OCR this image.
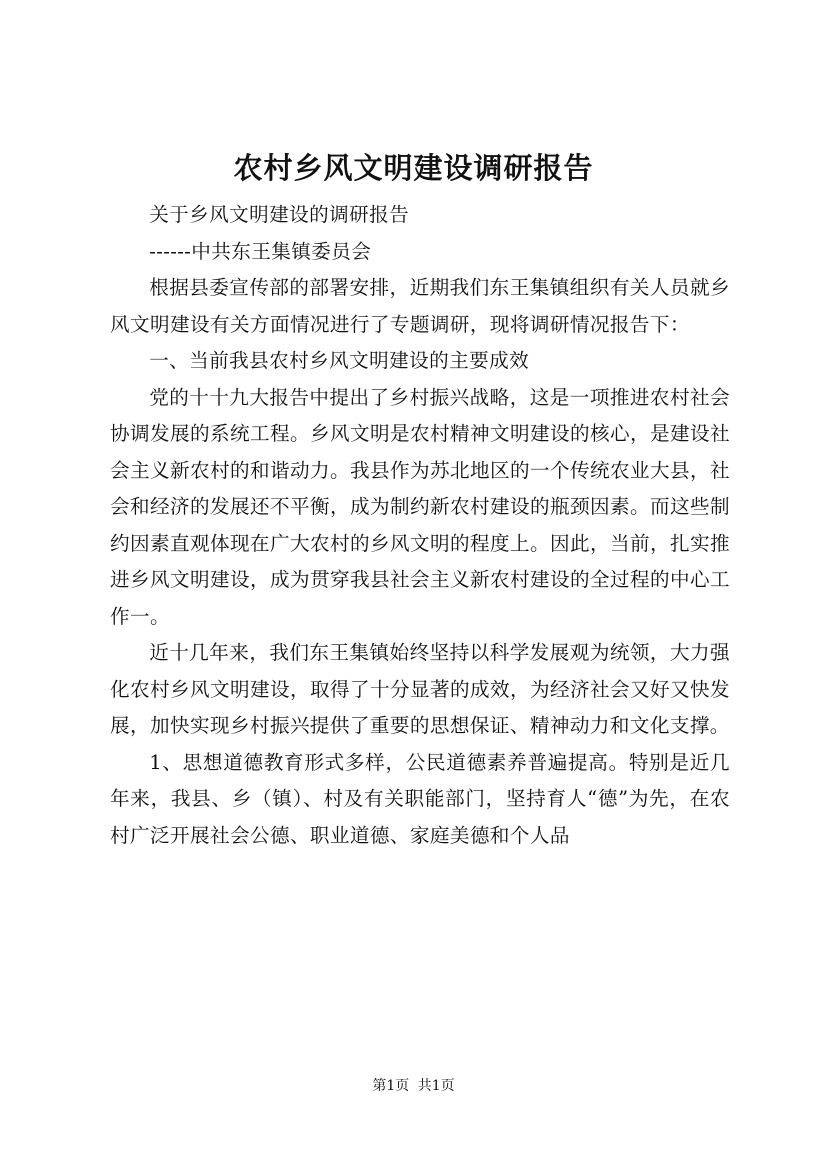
农村乡风文明建设调研报告

关于乡风文明建设的调研报告

------中共东王集镇委员会

根据县委宣传部的部署安排，近期我们东王集镇组织有关人员就乡风文明建设有关方面情况进行了专题调研，现将调研情况报告下：

一、当前我县农村乡风文明建设的主要成效

党的十十九大报告中提出了乡村振兴战略，这是一项推进农村社会协调发展的系统工程。乡风文明是农村精神文明建设的核心，是建设社会主义新农村的和谐动力。我县作为苏北地区的一个传统农业大县，社会和经济的发展还不平衡，成为制约新农村建设的瓶颈因素。而这些制约因素直观体现在广大农村的乡风文明的程度上。因此，当前，扎实推进乡风文明建设，成为贯穿我县社会主义新农村建设的全过程的中心工作一。

近十几年来，我们东王集镇始终坚持以科学发展观为统领，大力强化农村乡风文明建设，取得了十分显著的成效，为经济社会又好又快发展，加快实现乡村振兴提供了重要的思想保证、精神动力和文化支撑。

1、思想道德教育形式多样，公民道德素养普遍提高。特别是近几年来，我县、乡（镇）、村及有关职能部门，坚持育人“德”为先，在农村广泛开展社会公德、职业道德、家庭美德和个人品

第1页 共1页
